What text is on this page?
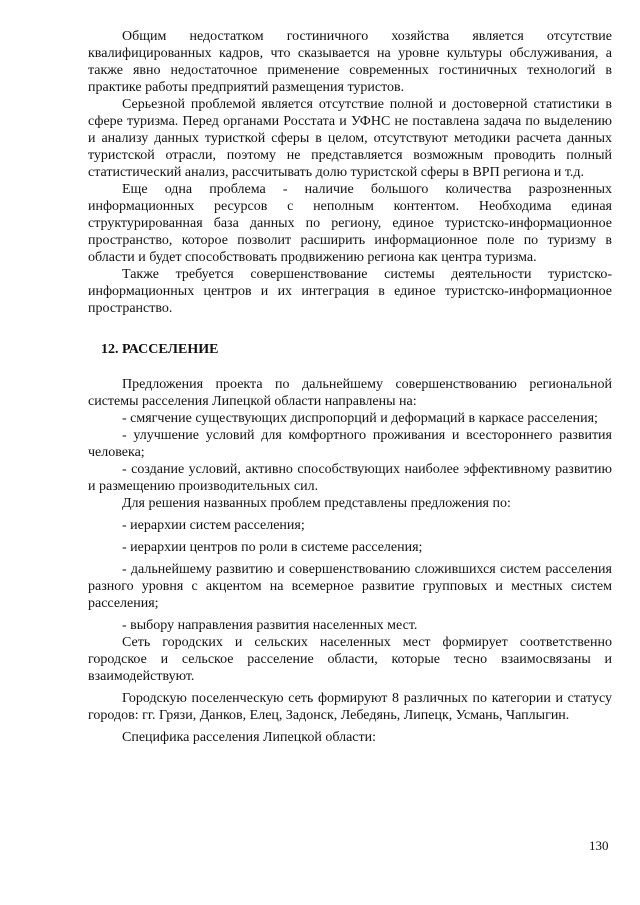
Общим недостатком гостиничного хозяйства является отсутствие квалифицированных кадров, что сказывается на уровне культуры обслуживания, а также явно недостаточное применение современных гостиничных технологий в практике работы предприятий размещения туристов.

Серьезной проблемой является отсутствие полной и достоверной статистики в сфере туризма. Перед органами Росстата и УФНС не поставлена задача по выделению и анализу данных туристкой сферы в целом, отсутствуют методики расчета данных туристской отрасли, поэтому не представляется возможным проводить полный статистический анализ, рассчитывать долю туристской сферы в ВРП региона и т.д.

Еще одна проблема - наличие большого количества разрозненных информационных ресурсов с неполным контентом. Необходима единая структурированная база данных по региону, единое туристско-информационное пространство, которое позволит расширить информационное поле по туризму в области и будет способствовать продвижению региона как центра туризма.

Также требуется совершенствование системы деятельности туристско-информационных центров и их интеграция в единое туристско-информационное пространство.

12. РАССЕЛЕНИЕ

Предложения проекта по дальнейшему совершенствованию региональной системы расселения Липецкой области направлены на:

- смягчение существующих диспропорций и деформаций в каркасе расселения;

- улучшение условий для комфортного проживания и всестороннего развития человека;

- создание условий, активно способствующих наиболее эффективному развитию и размещению производительных сил.

Для решения названных проблем представлены предложения по:

- иерархии систем расселения;

- иерархии центров по роли в системе расселения;

- дальнейшему развитию и совершенствованию сложившихся систем расселения разного уровня с акцентом на всемерное развитие групповых и местных систем расселения;

- выбору направления развития населенных мест.

Сеть городских и сельских населенных мест формирует соответственно городское и сельское расселение области, которые тесно взаимосвязаны и взаимодействуют.

Городскую поселенческую сеть формируют 8 различных по категории и статусу городов: гг. Грязи, Данков, Елец, Задонск, Лебедянь, Липецк, Усмань, Чаплыгин.

Специфика расселения Липецкой области:

130
